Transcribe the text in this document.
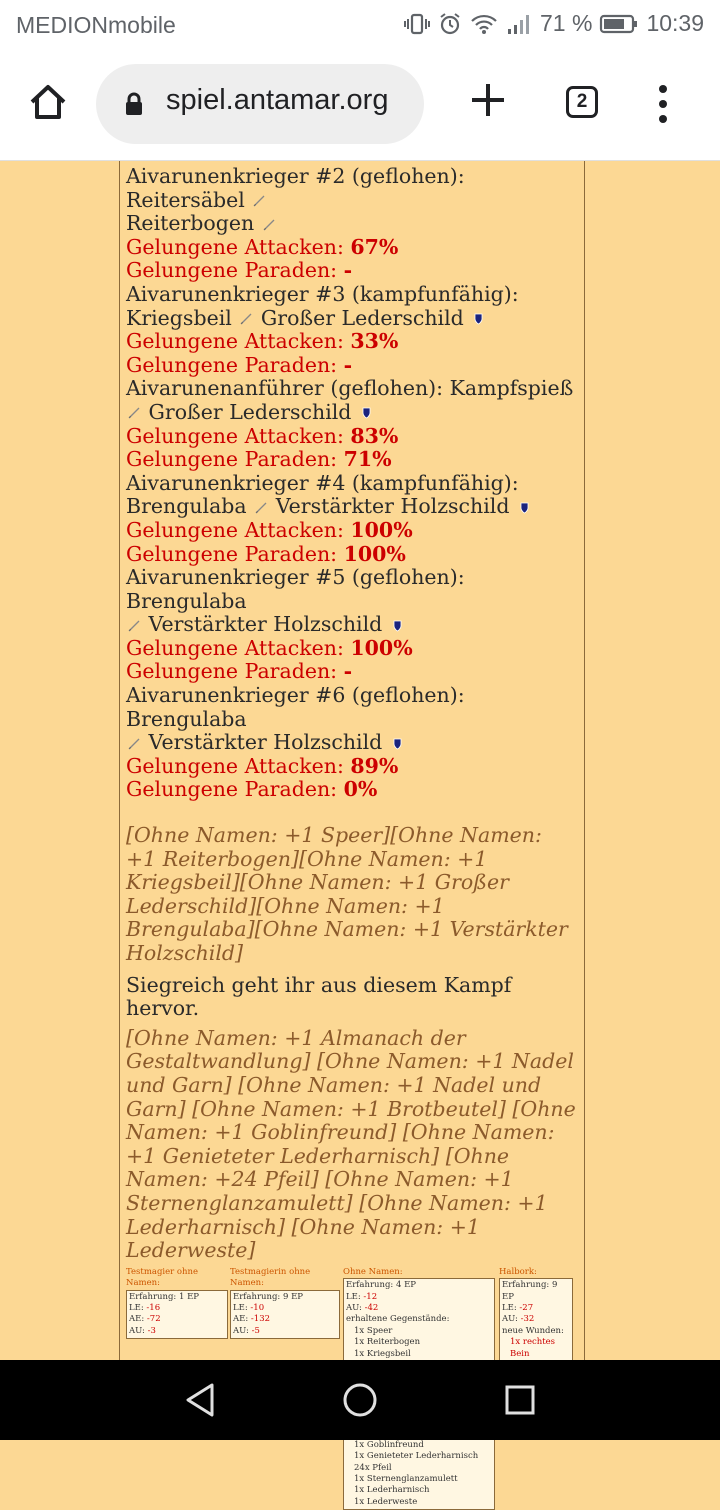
MEDIONmobile	71 % 10:39
spiel.antamar.org	2

Aivarunenkrieger #2 (geflohen): Reitersäbel
Reiterbogen
Gelungene Attacken: 67%
Gelungene Paraden: -
Aivarunenkrieger #3 (kampfunfähig):
Kriegsbeil Großer Lederschild
Gelungene Attacken: 33%
Gelungene Paraden: -
Aivarunenanführer (geflohen): Kampfspieß
Großer Lederschild
Gelungene Attacken: 83%
Gelungene Paraden: 71%
Aivarunenkrieger #4 (kampfunfähig):
Brengulaba Verstärkter Holzschild
Gelungene Attacken: 100%
Gelungene Paraden: 100%
Aivarunenkrieger #5 (geflohen): Brengulaba
Verstärkter Holzschild
Gelungene Attacken: 100%
Gelungene Paraden: -
Aivarunenkrieger #6 (geflohen): Brengulaba
Verstärkter Holzschild
Gelungene Attacken: 89%
Gelungene Paraden: 0%
[Ohne Namen: +1 Speer][Ohne Namen: +1 Reiterbogen][Ohne Namen: +1 Kriegsbeil][Ohne Namen: +1 Großer Lederschild][Ohne Namen: +1 Brengulaba][Ohne Namen: +1 Verstärkter Holzschild]
Siegreich geht ihr aus diesem Kampf hervor.
[Ohne Namen: +1 Almanach der Gestaltwandlung] [Ohne Namen: +1 Nadel und Garn] [Ohne Namen: +1 Nadel und Garn] [Ohne Namen: +1 Brotbeutel] [Ohne Namen: +1 Goblinfreund] [Ohne Namen: +1 Genieteter Lederharnisch] [Ohne Namen: +24 Pfeil] [Ohne Namen: +1 Sternenglanzamulett] [Ohne Namen: +1 Lederharnisch] [Ohne Namen: +1 Lederweste]
Testmagier ohne Namen:
Erfahrung: 1 EP
LE: -16
AE: -72
AU: -3
Testmagierin ohne Namen:
Erfahrung: 9 EP
LE: -10
AE: -132
AU: -5
Ohne Namen:
Erfahrung: 4 EP
LE: -12
AU: -42
erhaltene Gegenstände:
1x Speer
1x Reiterbogen
1x Kriegsbeil
1x Goblinfreund
1x Genieteter Lederharnisch
24x Pfeil
1x Sternenglanzamulett
1x Lederharnisch
1x Lederweste
Halbork:
Erfahrung: 9 EP
LE: -27
AU: -32
neue Wunden:
1x rechtes Bein
